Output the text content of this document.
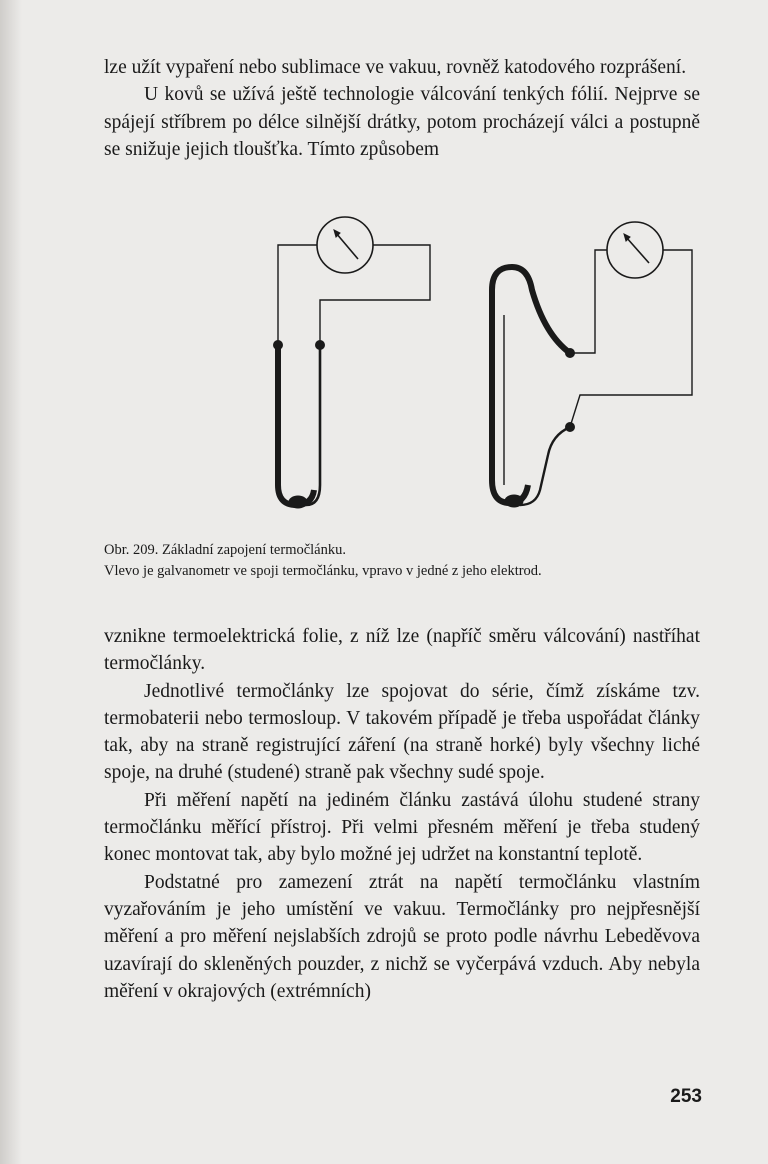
lze užít vypaření nebo sublimace ve vakuu, rovněž katodového rozprášení.

U kovů se užívá ještě technologie válcování tenkých fólií. Nejprve se spájejí stříbrem po délce silnější drátky, potom procházejí válci a postupně se snižuje jejich tloušťka. Tímto způsobem

Obr. 209. Základní zapojení termočlánku.
Vlevo je galvanometr ve spoji termočlánku, vpravo v jedné z jeho elektrod.

vznikne termoelektrická folie, z níž lze (napříč směru válcování) nastříhat termočlánky.

Jednotlivé termočlánky lze spojovat do série, čímž získáme tzv. termobaterii nebo termosloup. V takovém případě je třeba uspořádat články tak, aby na straně registrující záření (na straně horké) byly všechny liché spoje, na druhé (studené) straně pak všechny sudé spoje.

Při měření napětí na jediném článku zastává úlohu studené strany termočlánku měřící přístroj. Při velmi přesném měření je třeba studený konec montovat tak, aby bylo možné jej udržet na konstantní teplotě.

Podstatné pro zamezení ztrát na napětí termočlánku vlastním vyzařováním je jeho umístění ve vakuu. Termočlánky pro nejpřesnější měření a pro měření nejslabších zdrojů se proto podle návrhu Lebeděvova uzavírají do skleněných pouzder, z nichž se vyčerpává vzduch. Aby nebyla měření v okrajových (extrémních)

253
